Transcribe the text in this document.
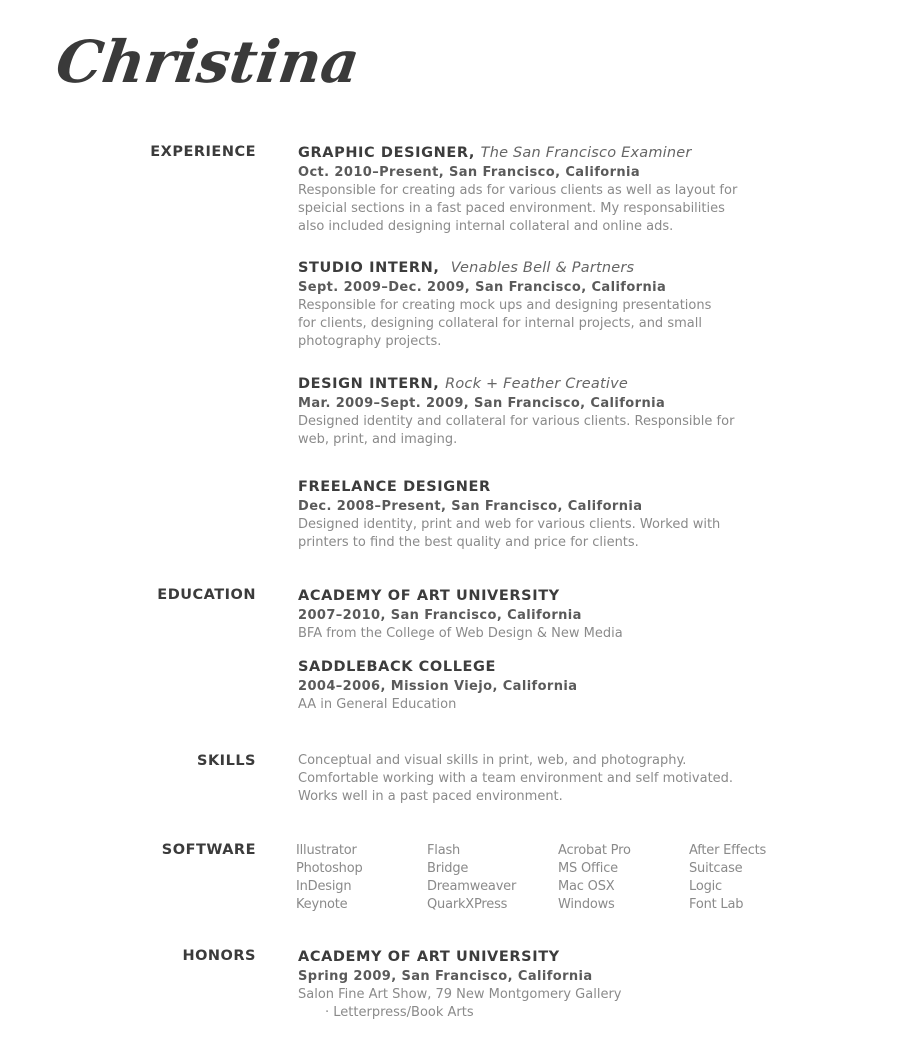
Christina
EXPERIENCE
EDUCATION
SKILLS
SOFTWARE
HONORS
GRAPHIC DESIGNER, The San Francisco Examiner
Oct. 2010–Present, San Francisco, California
Responsible for creating ads for various clients as well as layout for
speicial sections in a fast paced environment. My responsabilities
also included designing internal collateral and online ads.
STUDIO INTERN, Venables Bell & Partners
Sept. 2009–Dec. 2009, San Francisco, California
Responsible for creating mock ups and designing presentations
for clients, designing collateral for internal projects, and small
photography projects.
DESIGN INTERN, Rock + Feather Creative
Mar. 2009–Sept. 2009, San Francisco, California
Designed identity and collateral for various clients. Responsible for
web, print, and imaging.
FREELANCE DESIGNER
Dec. 2008–Present, San Francisco, California
Designed identity, print and web for various clients. Worked with
printers to find the best quality and price for clients.
ACADEMY OF ART UNIVERSITY
2007–2010, San Francisco, California
BFA from the College of Web Design & New Media
SADDLEBACK COLLEGE
2004–2006, Mission Viejo, California
AA in General Education
Conceptual and visual skills in print, web, and photography.
Comfortable working with a team environment and self motivated.
Works well in a past paced environment.
Illustrator	Flash	Acrobat Pro	After Effects
Photoshop	Bridge	MS Office	Suitcase
InDesign	Dreamweaver	Mac OSX	Logic
Keynote	QuarkXPress	Windows	Font Lab
ACADEMY OF ART UNIVERSITY
Spring 2009, San Francisco, California
Salon Fine Art Show, 79 New Montgomery Gallery
· Letterpress/Book Arts
